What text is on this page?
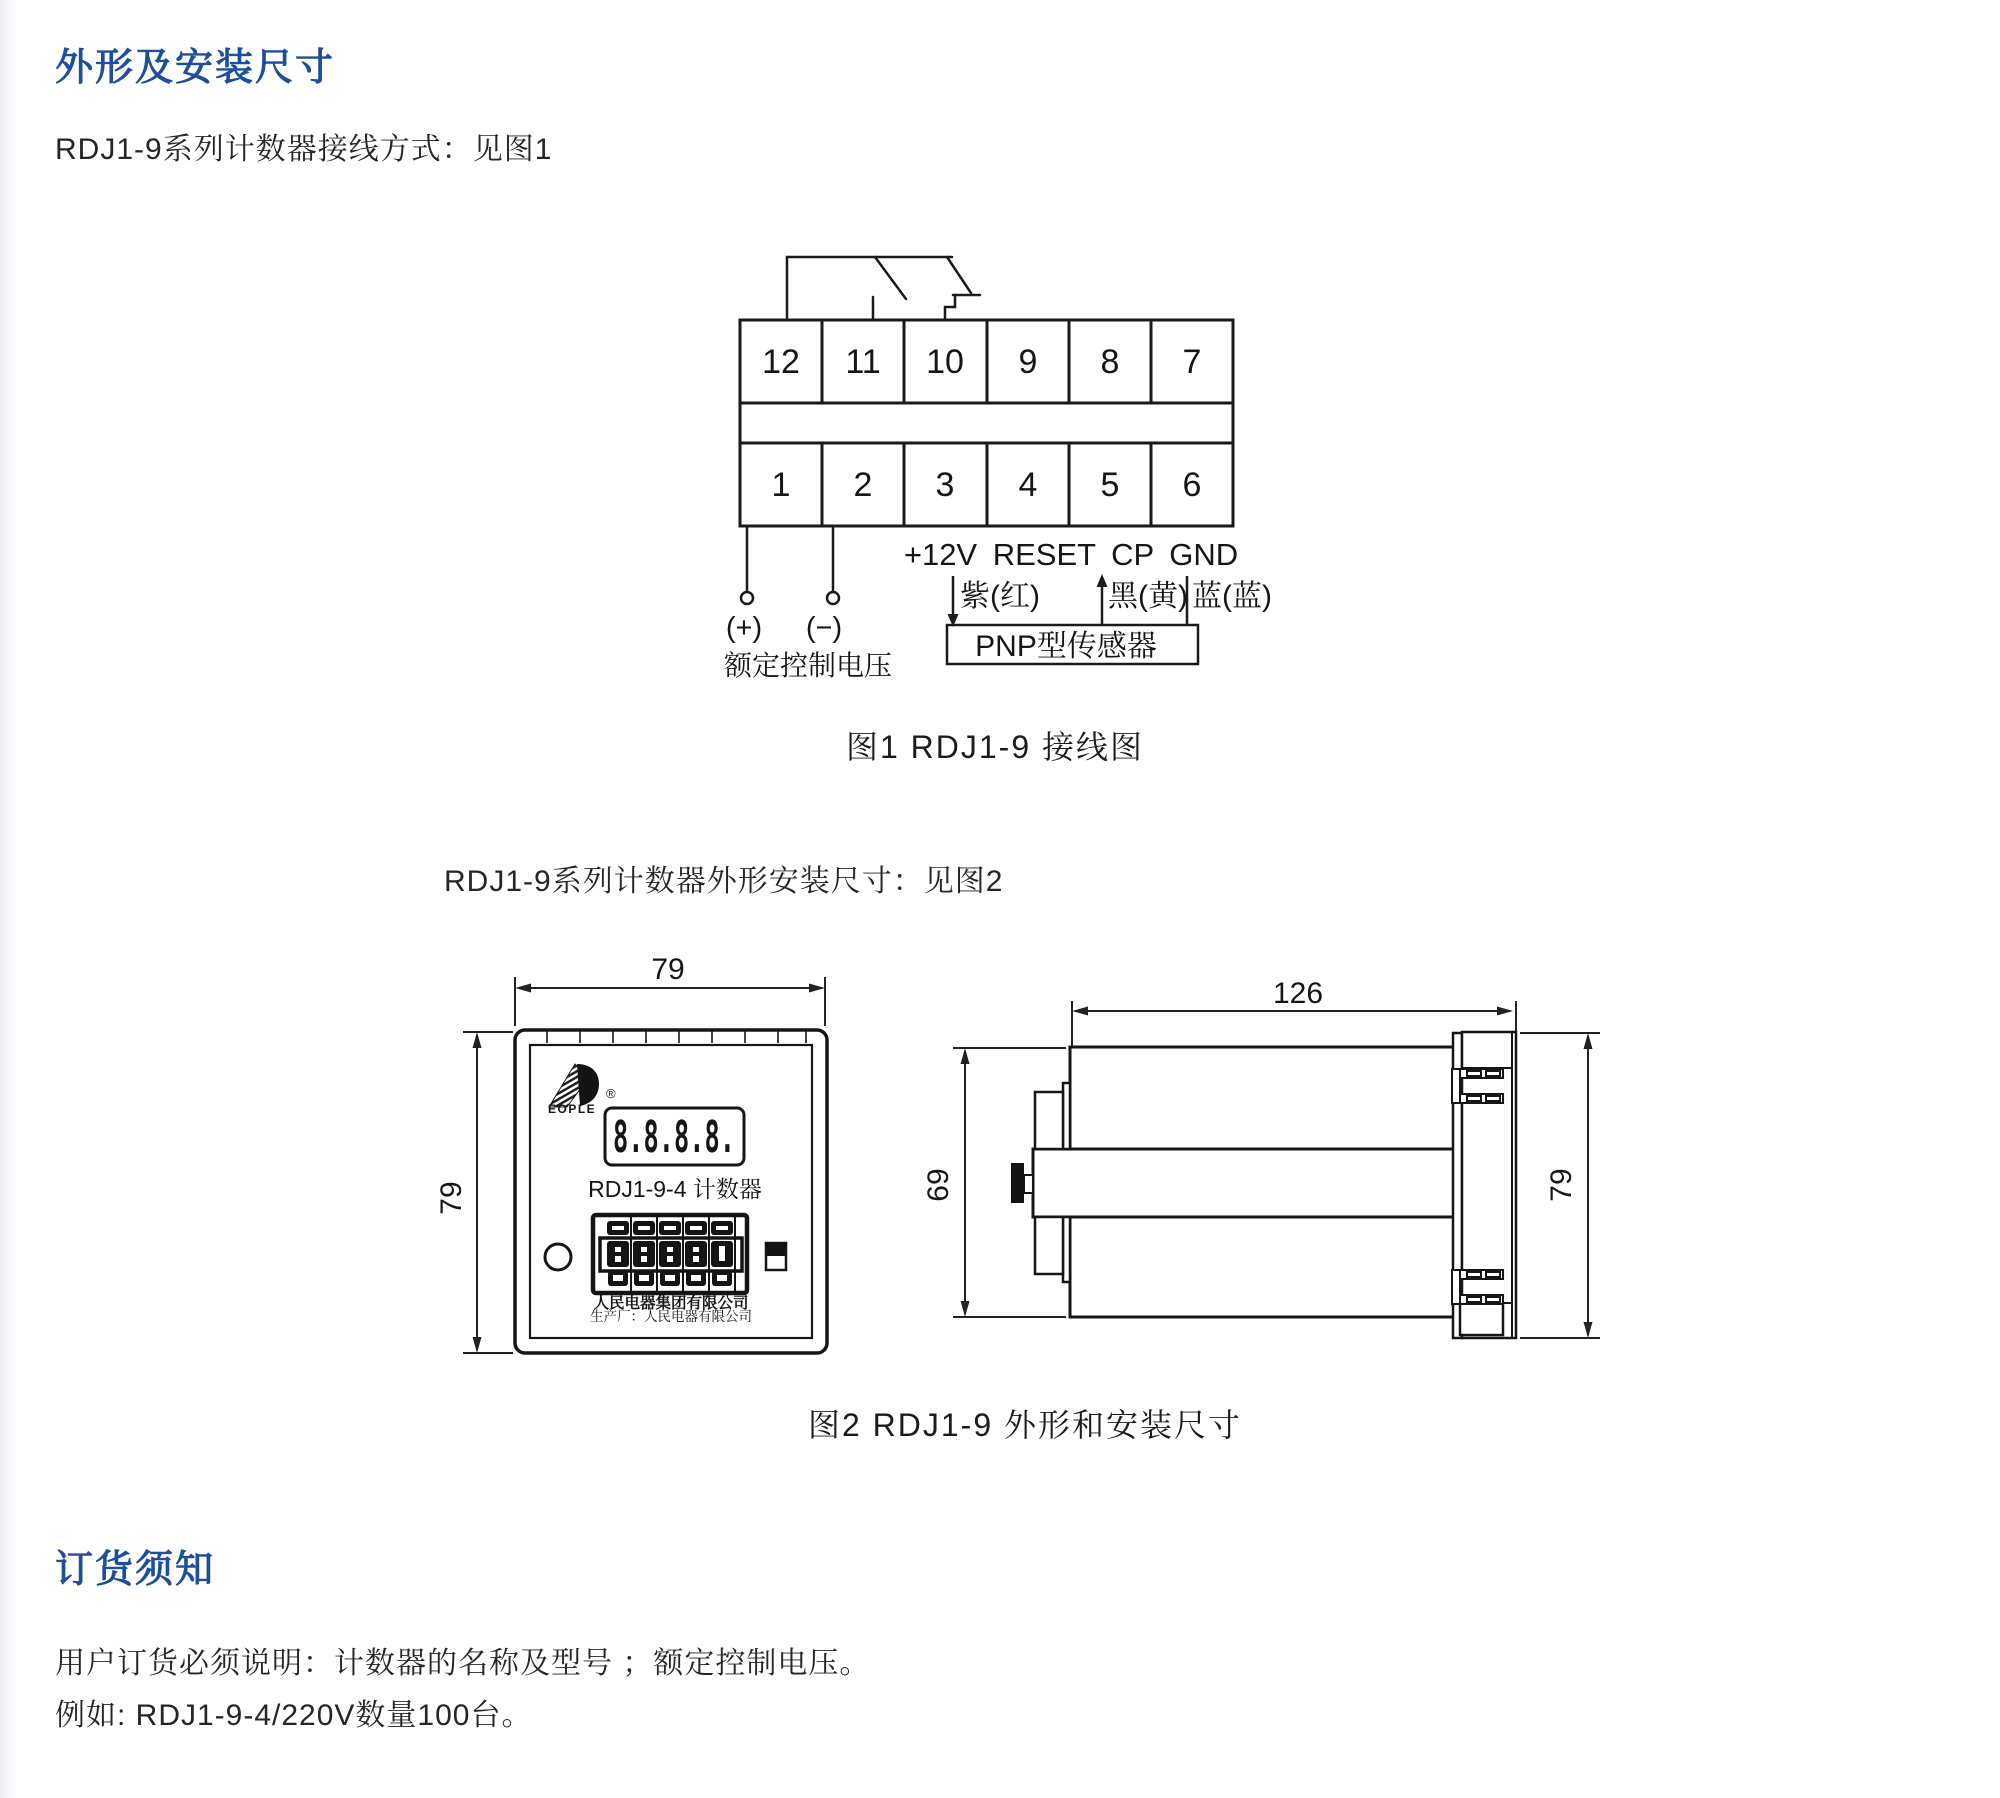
外形及安装尺寸
RDJ1-9系列计数器接线方式：见图1
12 11 10 9 8 7
1 2 3 4 5 6
(+) (−)
额定控制电压
+12V RESET CP GND
紫(红) 黑(黄) 蓝(蓝)
PNP型传感器
图1 RDJ1-9 接线图
RDJ1-9系列计数器外形安装尺寸：见图2
79
79
®
EOPLE
8.8.8.8.
RDJ1-9-4 计数器
人民电器集团有限公司
生产厂：人民电器有限公司
126
69	79
图2 RDJ1-9 外形和安装尺寸
订货须知
用户订货必须说明：计数器的名称及型号 ；额定控制电压。
例如: RDJ1-9-4/220V数量100台。
